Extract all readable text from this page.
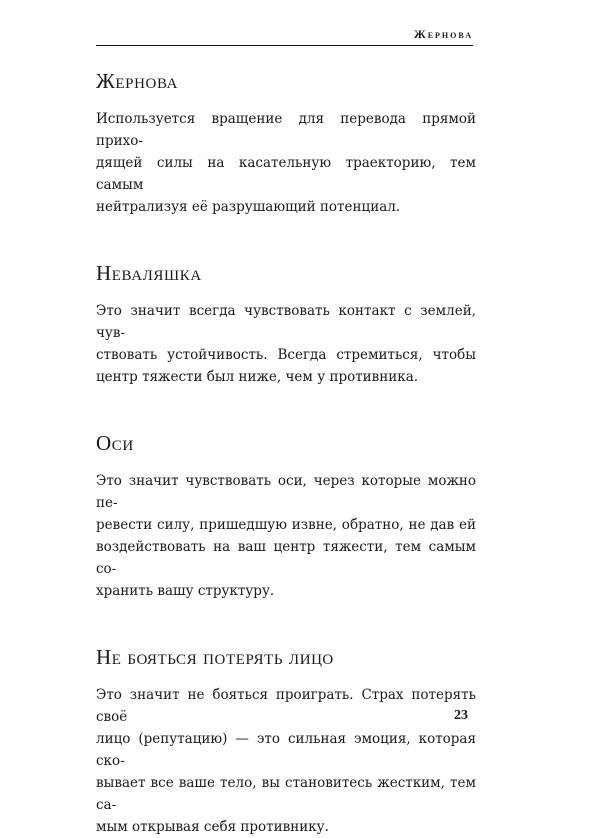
Жернова
Жернова

Используется вращение для перевода прямой прихо-
дящей силы на касательную траекторию, тем самым
нейтрализуя её разрушающий потенциал.

Неваляшка

Это значит всегда чувствовать контакт с землей, чув-
ствовать устойчивость. Всегда стремиться, чтобы
центр тяжести был ниже, чем у противника.

Оси

Это значит чувствовать оси, через которые можно пе-
ревести силу, пришедшую извне, обратно, не дав ей
воздействовать на ваш центр тяжести, тем самым со-
хранить вашу структуру.

Не бояться потерять лицо

Это значит не бояться проиграть. Страх потерять своё
лицо (репутацию) — это сильная эмоция, которая ско-
вывает все ваше тело, вы становитесь жестким, тем са-
мым открывая себя противнику.

23
